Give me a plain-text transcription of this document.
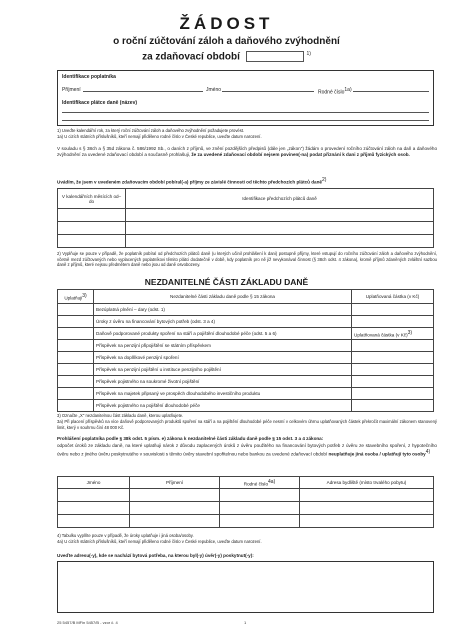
ŽÁDOST
o roční zúčtování záloh a daňového zvýhodnění
za zdaňovací období	$^{1)}$
Identifikace poplatníka
Příjmení	Jméno	Rodné číslo1a)
Identifikace plátce daně (název)
1) Uveďte kalendářní rok, za který roční zúčtování záloh a daňového zvýhodnění požadujete provést.
1a) U cizích státních příslušníků, kteří nemají přiděleno rodné číslo v České republice, uveďte datum narození.
V souladu s § 38ch a § 35d zákona č. 586/1992 Sb., o daních z příjmů, ve znění pozdějších předpisů (dále jen „zákon") žádám o provedení ročního zúčtování záloh na daň a daňového zvýhodnění za uvedené zdaňovací období a současně prohlašuji, že za uvedené zdaňovací období nejsem povinen(-na) podat přiznání k dani z příjmů fyzických osob.
Uvádím, že jsem v uvedeném zdaňovacím období pobíral(-a) příjmy ze závislé činnosti od těchto předchozích plátců daně2)
V kalendářních měsících od–do	Identifikace předchozích plátců daně

2) Vyplňuje se pouze v případě, že poplatník pobíral od předchozích plátců daně (u kterých učinil prohlášení k dani) postupně příjmy, které vstupují do ročního zúčtování záloh a daňového zvýhodnění, včetně mezd zúčtovaných nebo vyplacených poplatníkovi těmito plátci dodatečně v době, kdy poplatník pro ně již nevykonával činnost (§ 38ch odst. 4 zákona), kromě příjmů zdaněných zvláštní sazbou daně z příjmů, které nejsou předmětem daně nebo jsou od daně osvobozeny.
NEZDANITELNÉ ČÁSTI ZÁKLADU DANĚ
Uplatňuji3)	Nezdanitelné části základu daně podle § 15 zákona	Uplatňovaná částka (v Kč)
	Bezúplatná plnění – dary (odst. 1)	
	Úroky z úvěru na financování bytových potřeb (odst. 3 a 4)	
	Daňově podporované produkty spoření na stáří a pojištění dlouhodobé péče (odst. 5 a 6)	Uplatňovaná částka (v Kč)3)
	Příspěvek na penzijní připojištění se státním příspěvkem	
	Příspěvek na doplňkové penzijní spoření	
	Příspěvek na penzijní pojištění u instituce penzijního pojištění	
	Příspěvek pojistného na soukromé životní pojištění	
	Příspěvek na majetek připsaný ve prospěch dlouhodobého investičního produktu	
	Příspěvek pojistného na pojištění dlouhodobé péče	
3) Označte „X" nezdanitelnou část základu daně, kterou uplatňujete.
3a) Při placení příspěvků na více daňově podporovaných produktů spoření na stáří a na pojištění dlouhodobé péče nesmí v celkovém úhrnu uplatňovaných částek překročit maximální zákonem stanovený limit, který v souhrnu činí 48 000 Kč.
Prohlášení poplatníka podle § 38k odst. 5 písm. e) zákona k nezdanitelné části základu daně podle § 15 odst. 3 a 4 zákona:
odpočet úroků ze základu daně, na které uplatňuji nárok z důvodu zaplacených úroků z úvěru použitého na financování bytových potřeb z úvěru ze stavebního spoření, z hypotečního úvěru nebo z jiného úvěru poskytnutého v souvislosti s těmito úvěry stavební spořitelnou nebo bankou za uvedené zdaňovací období neuplatňuje jiná osoba / uplatňují tyto osoby4)
Jméno	Příjmení	Rodné číslo4a)	Adresa bydliště (místo trvalého pobytu)

4) Tabulku vyplňte pouze v případě, že úroky uplatňuje i jiná osoba/osoby.
4a) U cizích státních příslušníků, kteří nemají přiděleno rodné číslo v České republice, uveďte datum narození.
Uveďte adresu(-y), kde se nachází bytová potřeba, na kterou byl(-y) úvěr(-y) poskytnut(-y):
25 5457/B MFin 5457/B - vzor č. 4	1
